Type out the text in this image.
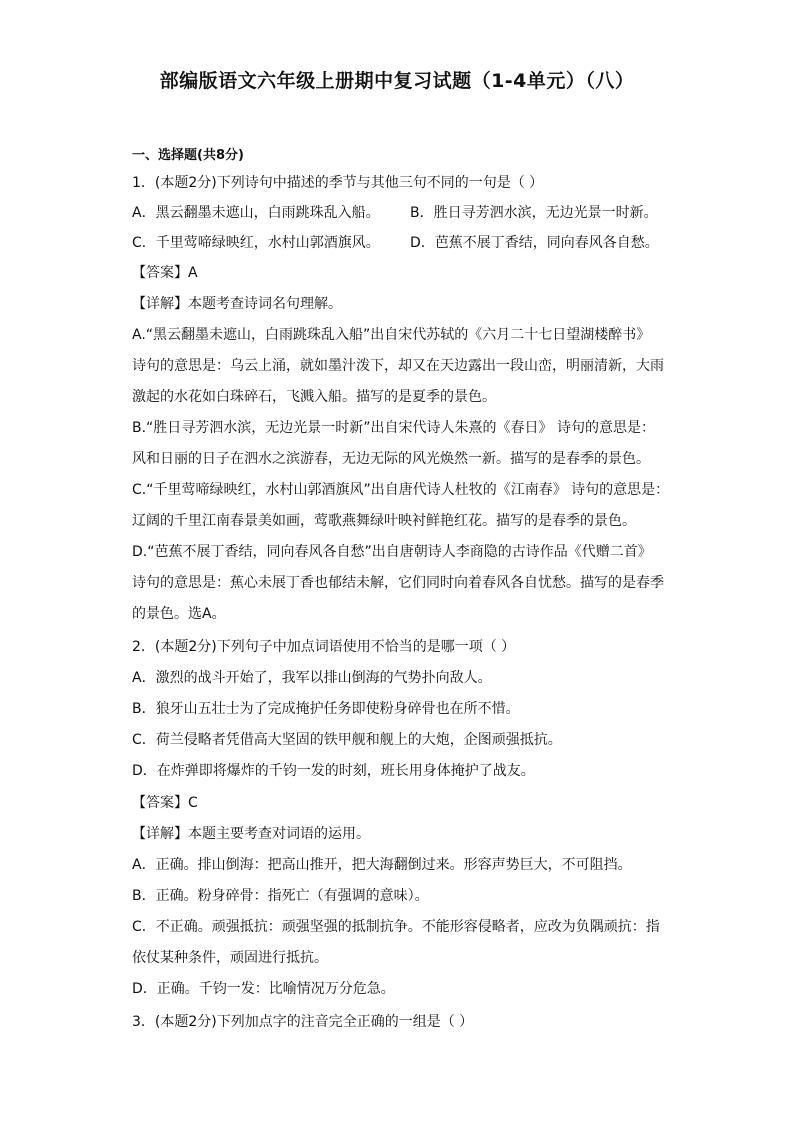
部编版语文六年级上册期中复习试题（1-4单元）（八）
一、选择题(共8分)
1．(本题2分)下列诗句中描述的季节与其他三句不同的一句是（ ）
A．黑云翻墨未遮山，白雨跳珠乱入船。 B．胜日寻芳泗水滨，无边光景一时新。
C．千里莺啼绿映红，水村山郭酒旗风。 D．芭蕉不展丁香结，同向春风各自愁。
【答案】A
【详解】本题考查诗词名句理解。
A.“黑云翻墨未遮山，白雨跳珠乱入船”出自宋代苏轼的《六月二十七日望湖楼醉书》
诗句的意思是：乌云上涌，就如墨汁泼下，却又在天边露出一段山峦，明丽清新，大雨
激起的水花如白珠碎石，飞溅入船。描写的是夏季的景色。
B.“胜日寻芳泗水滨，无边光景一时新”出自宋代诗人朱熹的《春日》 诗句的意思是：
风和日丽的日子在泗水之滨游春，无边无际的风光焕然一新。描写的是春季的景色。
C.“千里莺啼绿映红，水村山郭酒旗风”出自唐代诗人杜牧的《江南春》 诗句的意思是：
辽阔的千里江南春景美如画，莺歌燕舞绿叶映衬鲜艳红花。描写的是春季的景色。
D.“芭蕉不展丁香结，同向春风各自愁”出自唐朝诗人李商隐的古诗作品《代赠二首》
诗句的意思是：蕉心未展丁香也郁结未解，它们同时向着春风各自忧愁。描写的是春季
的景色。选A。
2．(本题2分)下列句子中加点词语使用不恰当的是哪一项（ ）
A．激烈的战斗开始了，我军以排山倒海的气势扑向敌人。
B．狼牙山五壮士为了完成掩护任务即使粉身碎骨也在所不惜。
C．荷兰侵略者凭借高大坚固的铁甲舰和舰上的大炮，企图顽强抵抗。
D．在炸弹即将爆炸的千钧一发的时刻，班长用身体掩护了战友。
【答案】C
【详解】本题主要考查对词语的运用。
A．正确。排山倒海：把高山推开，把大海翻倒过来。形容声势巨大，不可阻挡。
B．正确。粉身碎骨：指死亡（有强调的意味）。
C．不正确。顽强抵抗：顽强坚强的抵制抗争。不能形容侵略者，应改为负隅顽抗：指
依仗某种条件，顽固进行抵抗。
D．正确。千钧一发：比喻情况万分危急。
3．(本题2分)下列加点字的注音完全正确的一组是（ ）
